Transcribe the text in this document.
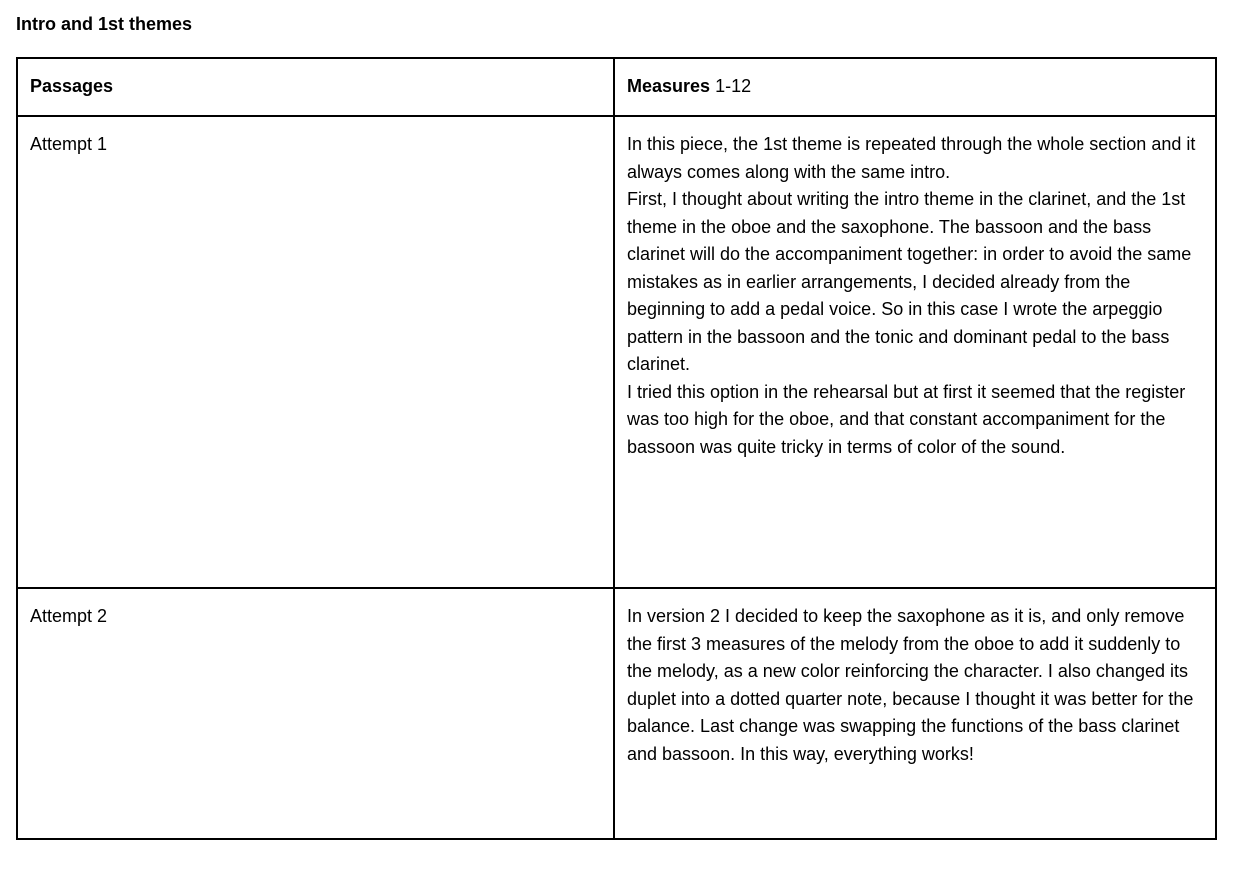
Intro and 1st themes
Passages	Measures 1-12
Attempt 1	In this piece, the 1st theme is repeated through the whole section and it always comes along with the same intro.
First, I thought about writing the intro theme in the clarinet, and the 1st theme in the oboe and the saxophone. The bassoon and the bass clarinet will do the accompaniment together: in order to avoid the same mistakes as in earlier arrangements, I decided already from the beginning to add a pedal voice. So in this case I wrote the arpeggio pattern in the bassoon and the tonic and dominant pedal to the bass clarinet.
I tried this option in the rehearsal but at first it seemed that the register was too high for the oboe, and that constant accompaniment for the bassoon was quite tricky in terms of color of the sound.

Attempt 2	In version 2 I decided to keep the saxophone as it is, and only remove the first 3 measures of the melody from the oboe to add it suddenly to the melody, as a new color reinforcing the character. I also changed its duplet into a dotted quarter note, because I thought it was better for the balance. Last change was swapping the functions of the bass clarinet and bassoon. In this way, everything works!
